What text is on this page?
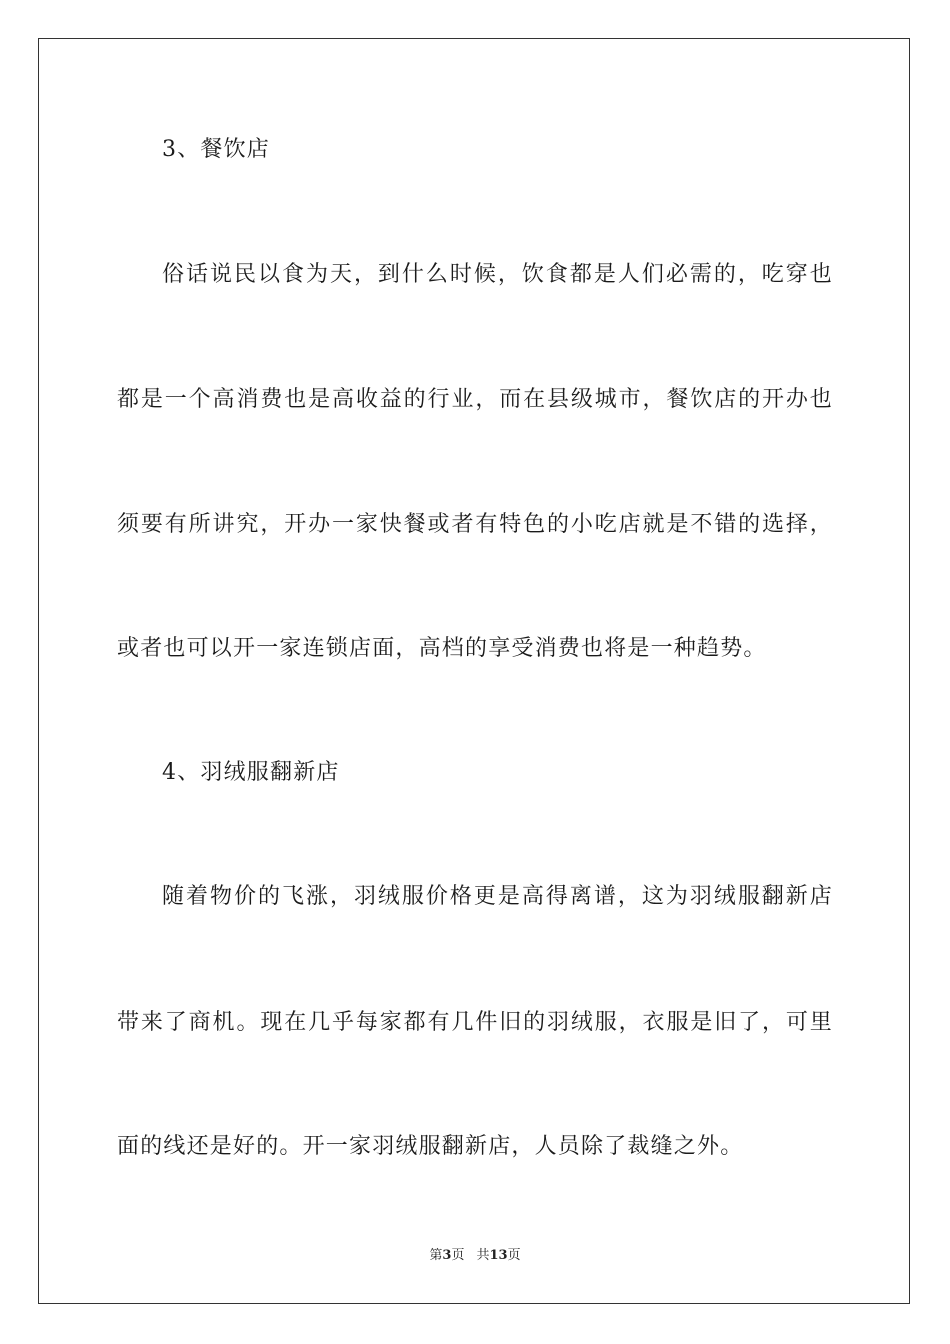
3、餐饮店
俗话说民以食为天，到什么时候，饮食都是人们必需的，吃穿也
都是一个高消费也是高收益的行业，而在县级城市，餐饮店的开办也
须要有所讲究，开办一家快餐或者有特色的小吃店就是不错的选择，
或者也可以开一家连锁店面，高档的享受消费也将是一种趋势。
4、羽绒服翻新店
随着物价的飞涨，羽绒服价格更是高得离谱，这为羽绒服翻新店
带来了商机。现在几乎每家都有几件旧的羽绒服，衣服是旧了，可里
面的线还是好的。开一家羽绒服翻新店，人员除了裁缝之外。
第3页 共13页
